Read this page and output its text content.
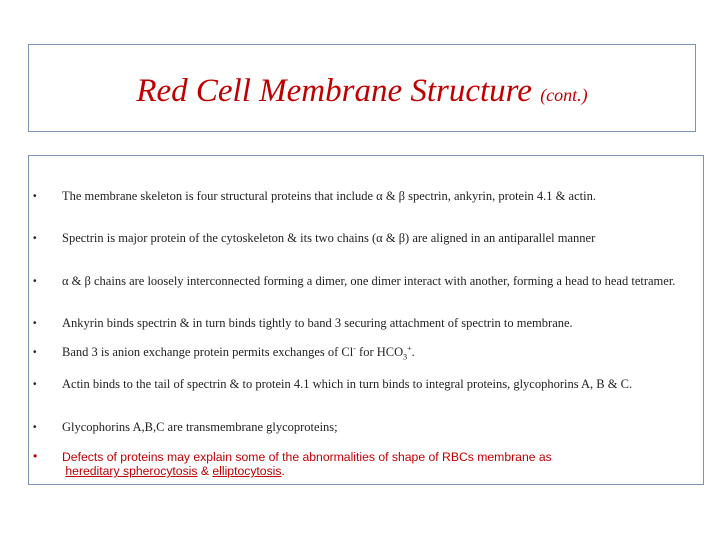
Red Cell Membrane Structure (cont.)
• The membrane skeleton is four structural proteins that include α & β spectrin, ankyrin, protein 4.1 & actin.
• Spectrin is major protein of the cytoskeleton & its two chains (α & β) are aligned in an antiparallel manner
• α & β chains are loosely interconnected forming a dimer, one dimer interact with another, forming a head to head tetramer.
• Ankyrin binds spectrin & in turn binds tightly to band 3 securing attachment of spectrin to membrane.
• Band 3 is anion exchange protein permits exchanges of Cl- for $HCO_3^+$.
• Actin binds to the tail of spectrin & to protein 4.1 which in turn binds to integral proteins, glycophorins A, B & C.
• Glycophorins A,B,C are transmembrane glycoproteins;
• Defects of proteins may explain some of the abnormalities of shape of RBCs membrane as
hereditary spherocytosis & elliptocytosis.
